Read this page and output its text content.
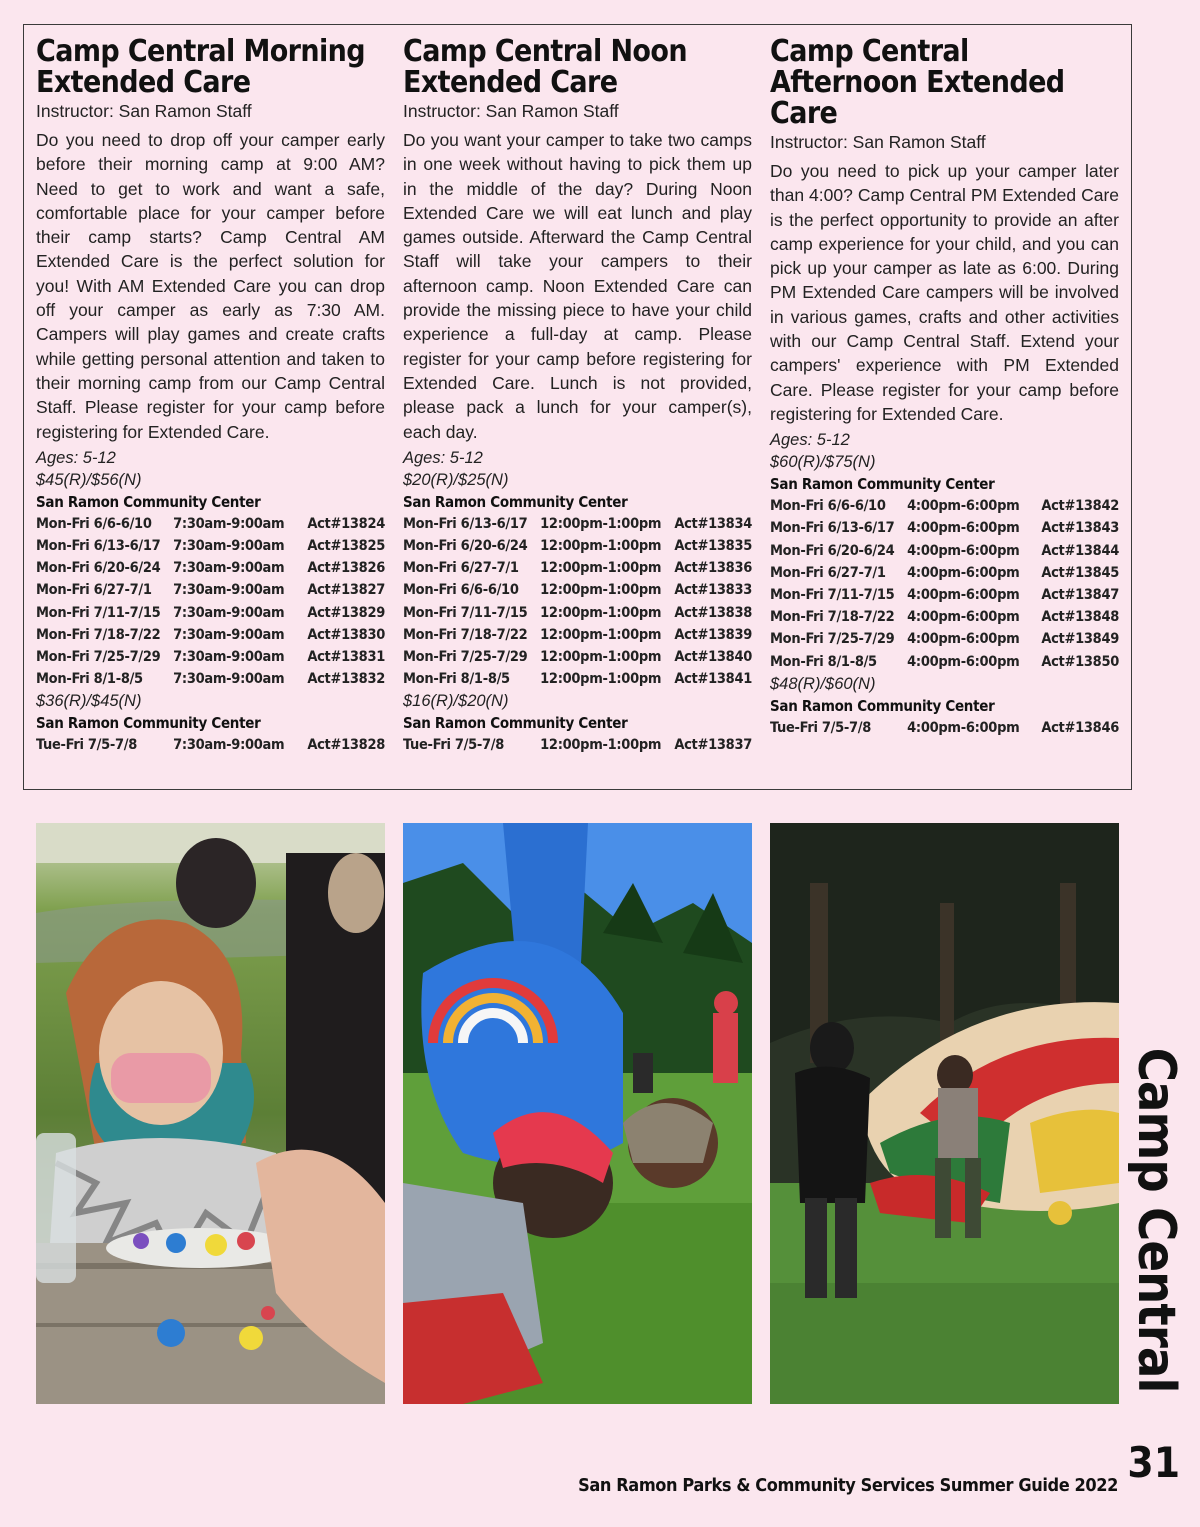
Camp Central Morning Extended Care
Instructor: San Ramon Staff
Do you need to drop off your camper early before their morning camp at 9:00 AM? Need to get to work and want a safe, comfortable place for your camper before their camp starts? Camp Central AM Extended Care is the perfect solution for you! With AM Extended Care you can drop off your camper as early as 7:30 AM. Campers will play games and create crafts while getting personal attention and taken to their morning camp from our Camp Central Staff. Please register for your camp before registering for Extended Care.
Ages: 5-12
$45(R)/$56(N)
San Ramon Community Center
Mon-Fri 6/6-6/10	7:30am-9:00am	Act#13824
Mon-Fri 6/13-6/17 7:30am-9:00am	Act#13825
Mon-Fri 6/20-6/24 7:30am-9:00am	Act#13826
Mon-Fri 6/27-7/1	7:30am-9:00am	Act#13827
Mon-Fri 7/11-7/15 7:30am-9:00am	Act#13829
Mon-Fri 7/18-7/22 7:30am-9:00am	Act#13830
Mon-Fri 7/25-7/29 7:30am-9:00am	Act#13831
Mon-Fri 8/1-8/5	7:30am-9:00am	Act#13832
$36(R)/$45(N)
San Ramon Community Center
Tue-Fri 7/5-7/8	7:30am-9:00am	Act#13828
Camp Central Noon Extended Care
Instructor: San Ramon Staff
Do you want your camper to take two camps in one week without having to pick them up in the middle of the day? During Noon Extended Care we will eat lunch and play games outside. Afterward the Camp Central Staff will take your campers to their afternoon camp. Noon Extended Care can provide the missing piece to have your child experience a full-day at camp. Please register for your camp before registering for Extended Care. Lunch is not provided, please pack a lunch for your camper(s), each day.
Ages: 5-12
$20(R)/$25(N)
San Ramon Community Center
Mon-Fri 6/13-6/17 12:00pm-1:00pm Act#13834
Mon-Fri 6/20-6/24 12:00pm-1:00pm Act#13835
Mon-Fri 6/27-7/1	12:00pm-1:00pm Act#13836
Mon-Fri 6/6-6/10	12:00pm-1:00pm Act#13833
Mon-Fri 7/11-7/15 12:00pm-1:00pm Act#13838
Mon-Fri 7/18-7/22 12:00pm-1:00pm Act#13839
Mon-Fri 7/25-7/29 12:00pm-1:00pm Act#13840
Mon-Fri 8/1-8/5	12:00pm-1:00pm Act#13841
$16(R)/$20(N)
San Ramon Community Center
Tue-Fri 7/5-7/8	12:00pm-1:00pm Act#13837
Camp Central Afternoon Extended Care
Instructor: San Ramon Staff
Do you need to pick up your camper later than 4:00? Camp Central PM Extended Care is the perfect opportunity to provide an after camp experience for your child, and you can pick up your camper as late as 6:00. During PM Extended Care campers will be involved in various games, crafts and other activities with our Camp Central Staff. Extend your campers' experience with PM Extended Care. Please register for your camp before registering for Extended Care.
Ages: 5-12
$60(R)/$75(N)
San Ramon Community Center
Mon-Fri 6/6-6/10	4:00pm-6:00pm	Act#13842
Mon-Fri 6/13-6/17 4:00pm-6:00pm	Act#13843
Mon-Fri 6/20-6/24 4:00pm-6:00pm	Act#13844
Mon-Fri 6/27-7/1	4:00pm-6:00pm	Act#13845
Mon-Fri 7/11-7/15 4:00pm-6:00pm	Act#13847
Mon-Fri 7/18-7/22 4:00pm-6:00pm	Act#13848
Mon-Fri 7/25-7/29 4:00pm-6:00pm	Act#13849
Mon-Fri 8/1-8/5	4:00pm-6:00pm	Act#13850
$48(R)/$60(N)
San Ramon Community Center
Tue-Fri 7/5-7/8	4:00pm-6:00pm	Act#13846
Camp Central
31
San Ramon Parks & Community Services Summer Guide 2022
